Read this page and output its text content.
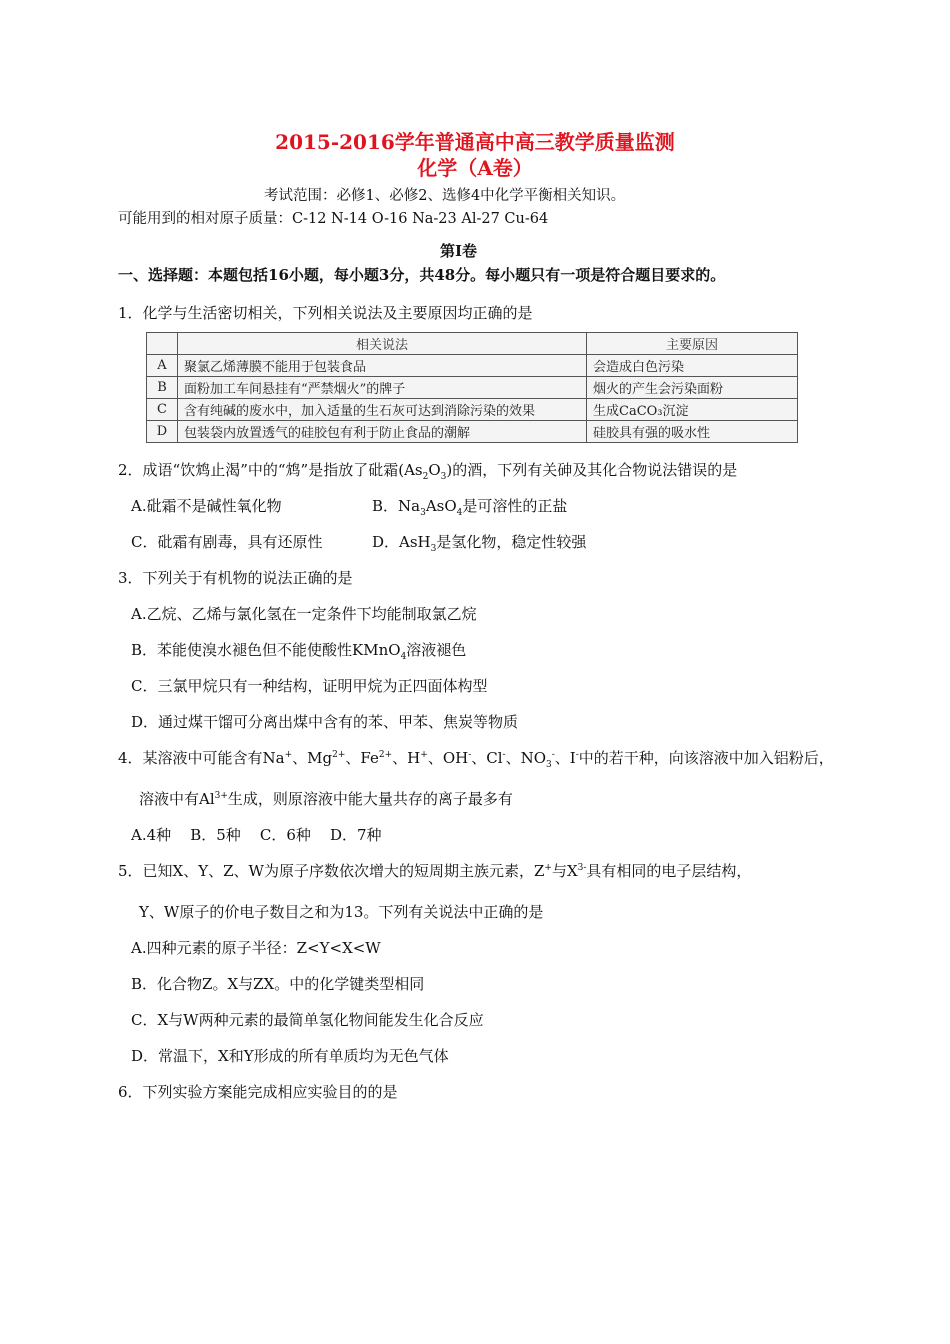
2015-2016学年普通高中高三教学质量监测
化学（A卷）
考试范围：必修1、必修2、选修4中化学平衡相关知识。
可能用到的相对原子质量：C-12 N-14 O-16 Na-23 Al-27 Cu-64
第Ⅰ卷
一、选择题：本题包括16小题，每小题3分，共48分。每小题只有一项是符合题目要求的。
1．化学与生活密切相关，下列相关说法及主要原因均正确的是
	相关说法	主要原因
A	聚氯乙烯薄膜不能用于包装食品	会造成白色污染
B	面粉加工车间悬挂有“严禁烟火”的牌子	烟火的产生会污染面粉
C	含有纯碱的废水中，加入适量的生石灰可达到消除污染的效果	生成CaCO₃沉淀
D	包装袋内放置透气的硅胶包有利于防止食品的潮解	硅胶具有强的吸水性
2．成语“饮鸩止渴”中的“鸩”是指放了砒霜$(As_2O_3)$的酒，下列有关砷及其化合物说法错误的是
A.砒霜不是碱性氧化物	B．$Na_3AsO_4$是可溶性的正盐
C．砒霜有剧毒，具有还原性	D．AsH$_3$是氢化物，稳定性较强
3．下列关于有机物的说法正确的是
A.乙烷、乙烯与氯化氢在一定条件下均能制取氯乙烷
B．苯能使溴水褪色但不能使酸性KMnO$_4$溶液褪色
C．三氯甲烷只有一种结构，证明甲烷为正四面体构型
D．通过煤干馏可分离出煤中含有的苯、甲苯、焦炭等物质
4．某溶液中可能含有Na+、$Mg^{2+}$、$Fe^{2+}$、H+、OH-、Cl-、$NO_3^-$、I-中的若干种，向该溶液中加入铝粉后，
溶液中有$Al^{3+}$生成，则原溶液中能大量共存的离子最多有
A.4种    B．5种    C．6种    D．7种
5．已知X、Y、Z、W为原子序数依次增大的短周期主族元素，Z+与$X^{3-}$具有相同的电子层结构，
Y、W原子的价电子数目之和为13。下列有关说法中正确的是
A.四种元素的原子半径：Z<Y<X<W
B．化合物Z。X与ZX。中的化学键类型相同
C．X与W两种元素的最简单氢化物间能发生化合反应
D．常温下，X和Y形成的所有单质均为无色气体
6．下列实验方案能完成相应实验目的的是
